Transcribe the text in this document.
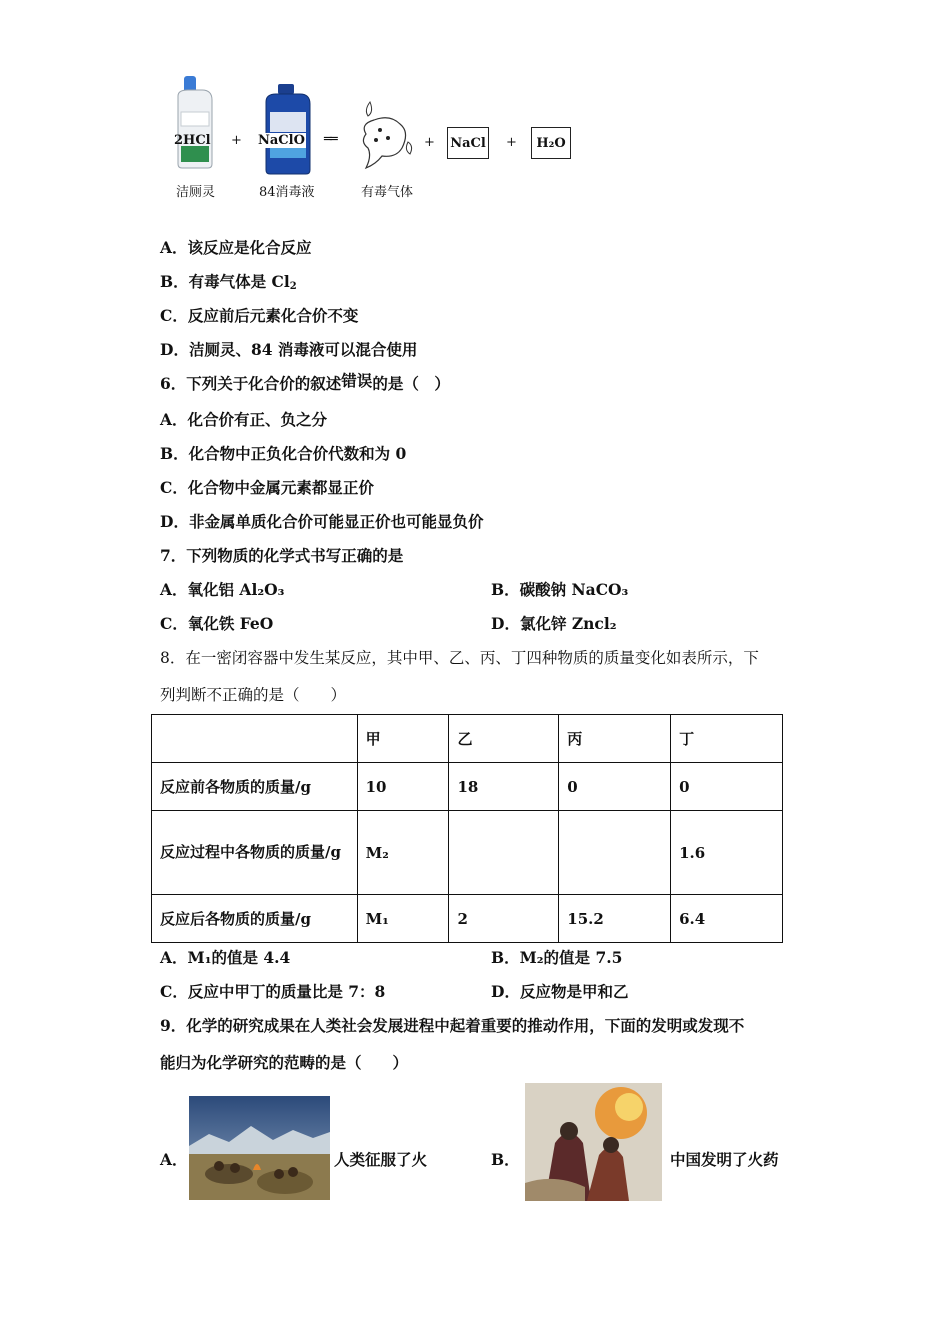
2HCl
洁厕灵
+ NaClO
84消毒液
══
有毒气体
+ NaCl +	H₂O
A．该反应是化合反应
B．有毒气体是 $Cl_2$
C．反应前后元素化合价不变
D．洁厕灵、84 消毒液可以混合使用
6．下列关于化合价的叙述错误的是（　）
A．化合价有正、负之分
B．化合物中正负化合价代数和为 0
C．化合物中金属元素都显正价
D．非金属单质化合价可能显正价也可能显负价
7．下列物质的化学式书写正确的是
A．氧化铝 Al₂O₃	B．碳酸钠 NaCO₃
C．氧化铁 FeO	D．氯化锌 Zncl₂
8．在一密闭容器中发生某反应，其中甲、乙、丙、丁四种物质的质量变化如表所示，下
列判断不正确的是（　　）
	甲	乙	丙	丁
反应前各物质的质量/g	10	18	0	0
反应过程中各物质的质量/g	M₂			1.6
反应后各物质的质量/g	M₁	2	15.2	6.4
A．M₁的值是 4.4	B．M₂的值是 7.5
C．反应中甲丁的质量比是 7：8	D．反应物是甲和乙
9．化学的研究成果在人类社会发展进程中起着重要的推动作用，下面的发明或发现不
能归为化学研究的范畴的是（　　）
A．	人类征服了火	B．	中国发明了火药
